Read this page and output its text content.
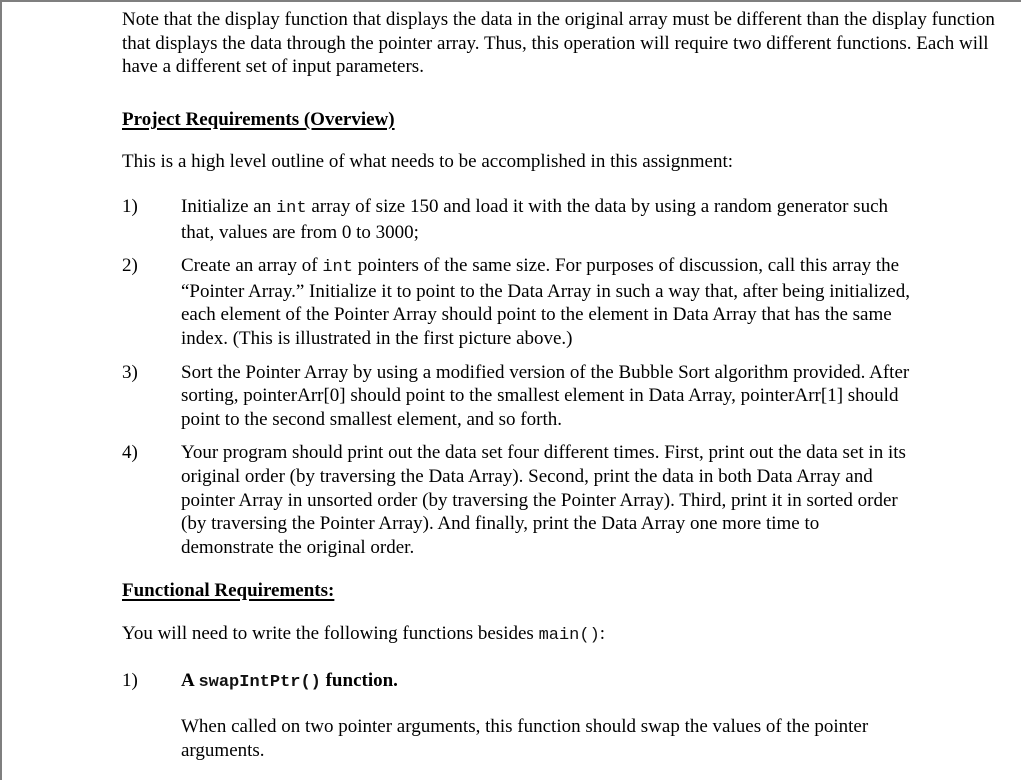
Note that the display function that displays the data in the original array must be different than the display function that displays the data through the pointer array. Thus, this operation will require two different functions. Each will have a different set of input parameters.

Project Requirements (Overview)

This is a high level outline of what needs to be accomplished in this assignment:

1)	Initialize an int array of size 150 and load it with the data by using a random generator such that, values are from 0 to 3000;
2)	Create an array of int pointers of the same size. For purposes of discussion, call this array the “Pointer Array.” Initialize it to point to the Data Array in such a way that, after being initialized, each element of the Pointer Array should point to the element in Data Array that has the same index. (This is illustrated in the first picture above.)
3)	Sort the Pointer Array by using a modified version of the Bubble Sort algorithm provided. After sorting, pointerArr[0] should point to the smallest element in Data Array, pointerArr[1] should point to the second smallest element, and so forth.
4)	Your program should print out the data set four different times. First, print out the data set in its original order (by traversing the Data Array). Second, print the data in both Data Array and pointer Array in unsorted order (by traversing the Pointer Array). Third, print it in sorted order (by traversing the Pointer Array). And finally, print the Data Array one more time to demonstrate the original order.

Functional Requirements:

You will need to write the following functions besides main():

1)	A swapIntPtr() function.

When called on two pointer arguments, this function should swap the values of the pointer arguments.
